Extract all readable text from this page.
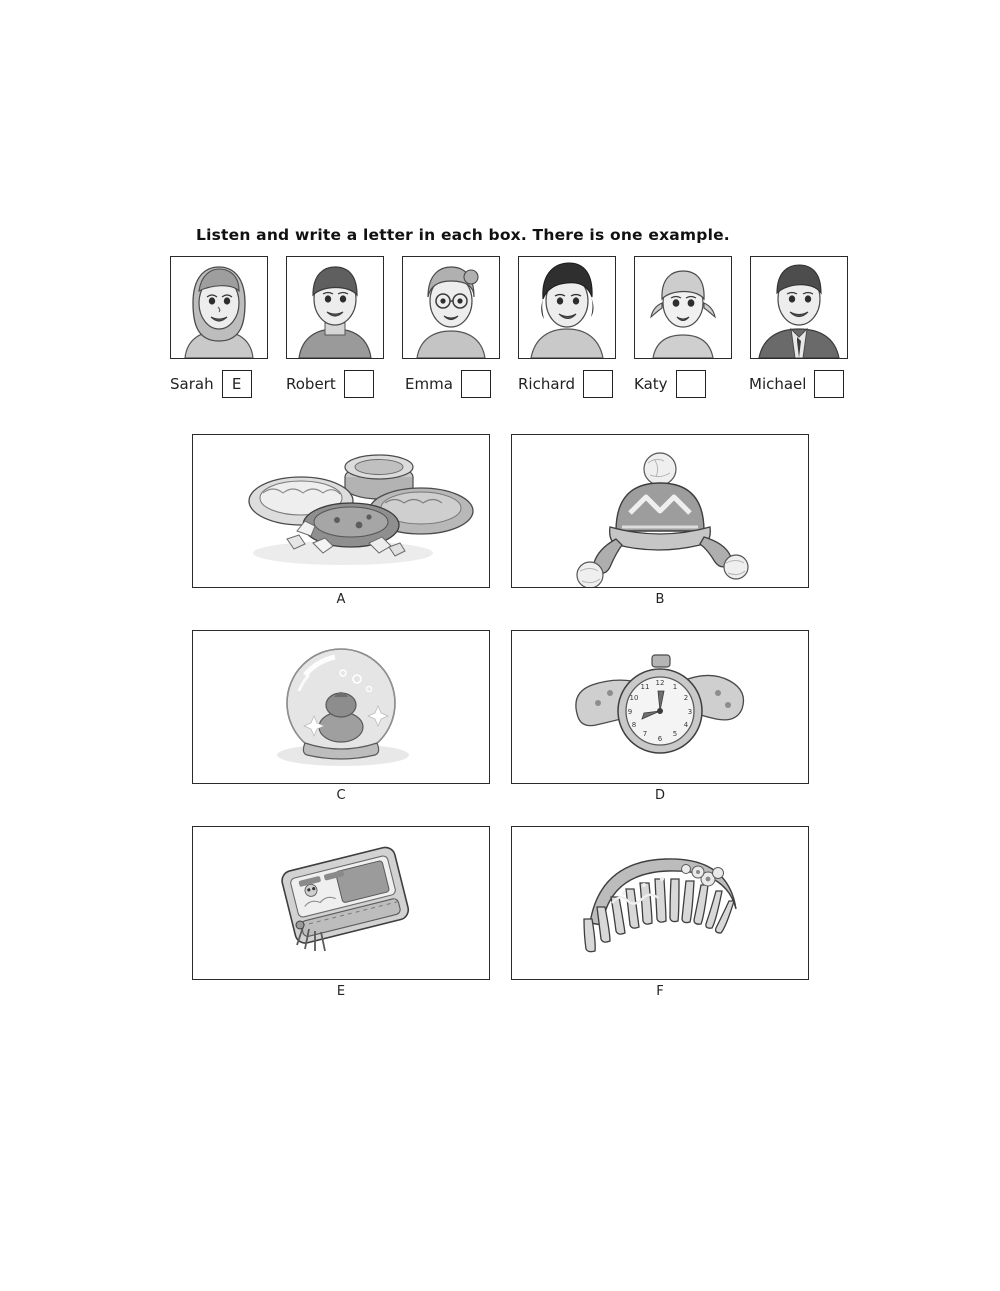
Listen and write a letter in each box. There is one example.
Sarah	E	Robert	Emma	Richard	Katy	Michael
A	B
C
12 1
2
3
4
5
6
7
8
9
10
11
D
E	F
